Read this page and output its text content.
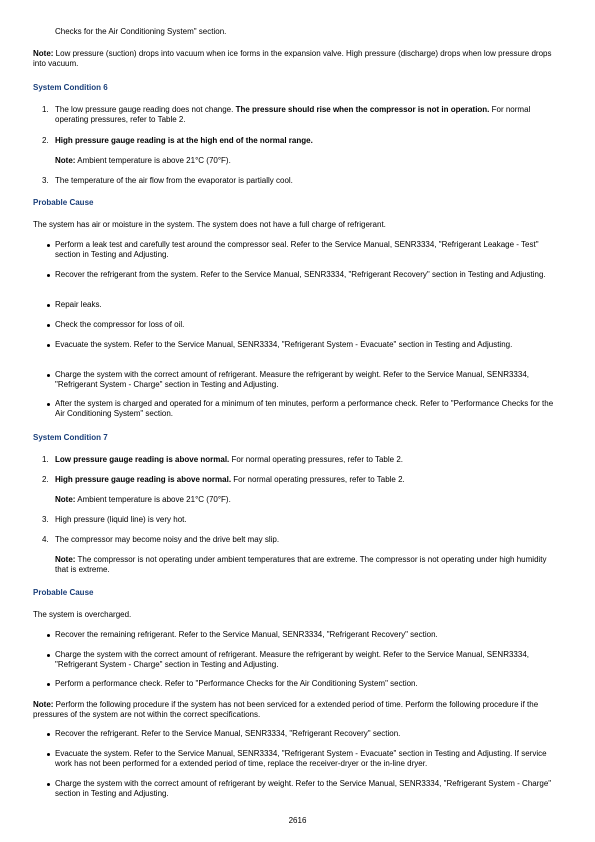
Checks for the Air Conditioning System" section.

Note: Low pressure (suction) drops into vacuum when ice forms in the expansion valve. High pressure (discharge) drops when low pressure drops into vacuum.

System Condition 6
1. The low pressure gauge reading does not change. The pressure should rise when the compressor is not in operation. For normal operating pressures, refer to Table 2.

2. High pressure gauge reading is at the high end of the normal range.

Note: Ambient temperature is above 21°C (70°F).

3. The temperature of the air flow from the evaporator is partially cool.

Probable Cause

The system has air or moisture in the system. The system does not have a full charge of refrigerant.

Perform a leak test and carefully test around the compressor seal. Refer to the Service Manual, SENR3334, "Refrigerant Leakage - Test" section in Testing and Adjusting.

Recover the refrigerant from the system. Refer to the Service Manual, SENR3334, "Refrigerant Recovery" section in Testing and Adjusting.

Repair leaks.

Check the compressor for loss of oil.

Evacuate the system. Refer to the Service Manual, SENR3334, "Refrigerant System - Evacuate" section in Testing and Adjusting.

Charge the system with the correct amount of refrigerant. Measure the refrigerant by weight. Refer to the Service Manual, SENR3334, "Refrigerant System - Charge" section in Testing and Adjusting.

After the system is charged and operated for a minimum of ten minutes, perform a performance check. Refer to "Performance Checks for the Air Conditioning System" section.

System Condition 7
1. Low pressure gauge reading is above normal. For normal operating pressures, refer to Table 2.

2. High pressure gauge reading is above normal. For normal operating pressures, refer to Table 2.

Note: Ambient temperature is above 21°C (70°F).

3. High pressure (liquid line) is very hot.

4. The compressor may become noisy and the drive belt may slip.

Note: The compressor is not operating under ambient temperatures that are extreme. The compressor is not operating under high humidity that is extreme.

Probable Cause

The system is overcharged.

Recover the remaining refrigerant. Refer to the Service Manual, SENR3334, "Refrigerant Recovery" section.

Charge the system with the correct amount of refrigerant. Measure the refrigerant by weight. Refer to the Service Manual, SENR3334, "Refrigerant System - Charge" section in Testing and Adjusting.

Perform a performance check. Refer to "Performance Checks for the Air Conditioning System" section.

Note: Perform the following procedure if the system has not been serviced for a extended period of time. Perform the following procedure if the pressures of the system are not within the correct specifications.

Recover the refrigerant. Refer to the Service Manual, SENR3334, "Refrigerant Recovery" section.

Evacuate the system. Refer to the Service Manual, SENR3334, "Refrigerant System - Evacuate" section in Testing and Adjusting. If service work has not been performed for a extended period of time, replace the receiver-dryer or the in-line dryer.

Charge the system with the correct amount of refrigerant by weight. Refer to the Service Manual, SENR3334, "Refrigerant System - Charge" section in Testing and Adjusting.

2616
